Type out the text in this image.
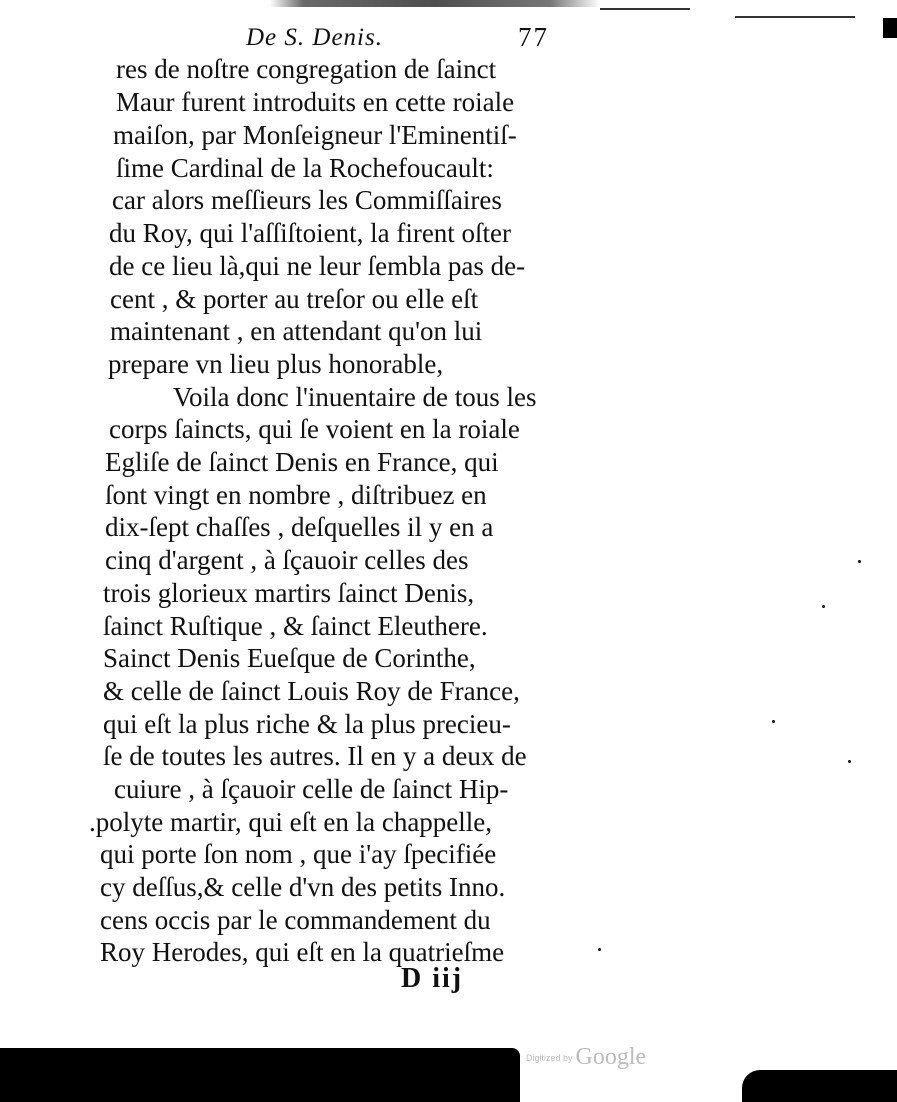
De S. Denis.	77
res de noſtre congregation de ſainct
Maur furent introduits en cette roiale
maiſon, par Monſeigneur l'Eminentiſ-
ſime Cardinal de la Rochefoucault:
car alors meſſieurs les Commiſſaires
du Roy, qui l'aſſiſtoient, la firent oſter
de ce lieu là,qui ne leur ſembla pas de-
cent , & porter au treſor ou elle eſt
maintenant , en attendant qu'on lui
prepare vn lieu plus honorable,
Voila donc l'inuentaire de tous les
corps ſaincts, qui ſe voient en la roiale
Egliſe de ſainct Denis en France, qui
ſont vingt en nombre , diſtribuez en
dix-ſept chaſſes , deſquelles il y en a
cinq d'argent , à ſçauoir celles des
trois glorieux martirs ſainct Denis,
ſainct Ruſtique , & ſainct Eleuthere.
Sainct Denis Eueſque de Corinthe,
& celle de ſainct Louis Roy de France,
qui eſt la plus riche & la plus precieu-
ſe de toutes les autres. Il en y a deux de
cuiure , à ſçauoir celle de ſainct Hip-
.polyte martir, qui eſt en la chappelle,
qui porte ſon nom , que i'ay ſpecifiée
cy deſſus,& celle d'vn des petits Inno.
cens occis par le commandement du
Roy Herodes, qui eſt en la quatrieſme
D iij
Digitized by Google
